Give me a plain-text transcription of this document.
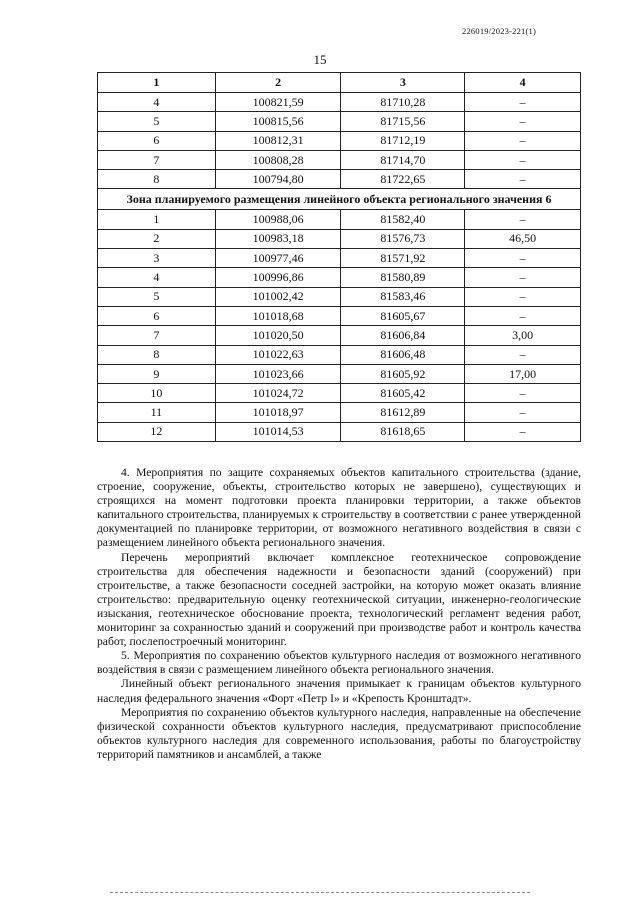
226019/2023-221(1)
15
1	2	3	4
4	100821,59	81710,28	–
5	100815,56	81715,56	–
6	100812,31	81712,19	–
7	100808,28	81714,70	–
8	100794,80	81722,65	–
Зона планируемого размещения линейного объекта регионального значения 6			
1	100988,06	81582,40	–
2	100983,18	81576,73	46,50
3	100977,46	81571,92	–
4	100996,86	81580,89	–
5	101002,42	81583,46	–
6	101018,68	81605,67	–
7	101020,50	81606,84	3,00
8	101022,63	81606,48	–
9	101023,66	81605,92	17,00
10	101024,72	81605,42	–
11	101018,97	81612,89	–
12	101014,53	81618,65	–

4. Мероприятия по защите сохраняемых объектов капитального строительства (здание, строение, сооружение, объекты, строительство которых не завершено), существующих и строящихся на момент подготовки проекта планировки территории, а также объектов капитального строительства, планируемых к строительству в соответствии с ранее утвержденной документацией по планировке территории, от возможного негативного воздействия в связи с размещением линейного объекта регионального значения.

Перечень мероприятий включает комплексное геотехническое сопровождение строительства для обеспечения надежности и безопасности зданий (сооружений) при строительстве, а также безопасности соседней застройки, на которую может оказать влияние строительство: предварительную оценку геотехнической ситуации, инженерно-геологические изыскания, геотехническое обоснование проекта, технологический регламент ведения работ, мониторинг за сохранностью зданий и сооружений при производстве работ и контроль качества работ, послепостроечный мониторинг.

5. Мероприятия по сохранению объектов культурного наследия от возможного негативного воздействия в связи с размещением линейного объекта регионального значения.

Линейный объект регионального значения примыкает к границам объектов культурного наследия федерального значения «Форт «Петр I» и «Крепость Кронштадт».

Мероприятия по сохранению объектов культурного наследия, направленные на обеспечение физической сохранности объектов культурного наследия, предусматривают приспособление объектов культурного наследия для современного использования, работы по благоустройству территорий памятников и ансамблей, а также
